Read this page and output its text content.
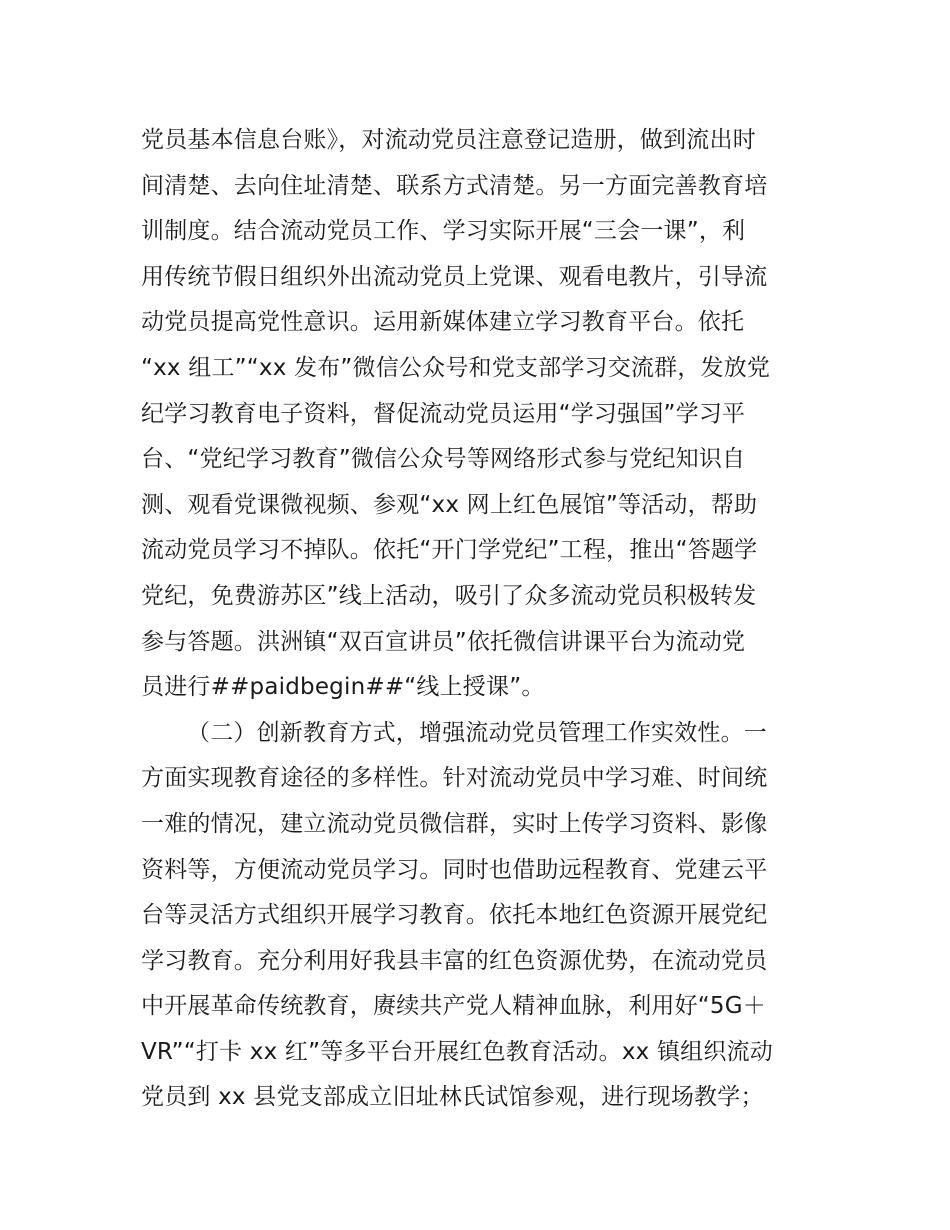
党员基本信息台账》，对流动党员注意登记造册，做到流出时
间清楚、去向住址清楚、联系方式清楚。另一方面完善教育培
训制度。结合流动党员工作、学习实际开展“三会一课”，利
用传统节假日组织外出流动党员上党课、观看电教片，引导流
动党员提高党性意识。运用新媒体建立学习教育平台。依托
“xx 组工”“xx 发布”微信公众号和党支部学习交流群，发放党
纪学习教育电子资料，督促流动党员运用“学习强国”学习平
台、“党纪学习教育”微信公众号等网络形式参与党纪知识自
测、观看党课微视频、参观“xx 网上红色展馆”等活动，帮助
流动党员学习不掉队。依托“开门学党纪”工程，推出“答题学
党纪，免费游苏区”线上活动，吸引了众多流动党员积极转发
参与答题。洪洲镇“双百宣讲员”依托微信讲课平台为流动党
员进行##paidbegin##“线上授课”。
（二）创新教育方式，增强流动党员管理工作实效性。一
方面实现教育途径的多样性。针对流动党员中学习难、时间统
一难的情况，建立流动党员微信群，实时上传学习资料、影像
资料等，方便流动党员学习。同时也借助远程教育、党建云平
台等灵活方式组织开展学习教育。依托本地红色资源开展党纪
学习教育。充分利用好我县丰富的红色资源优势，在流动党员
中开展革命传统教育，赓续共产党人精神血脉，利用好“5G＋
VR”“打卡 xx 红”等多平台开展红色教育活动。xx 镇组织流动
党员到 xx 县党支部成立旧址林氏试馆参观，进行现场教学；
